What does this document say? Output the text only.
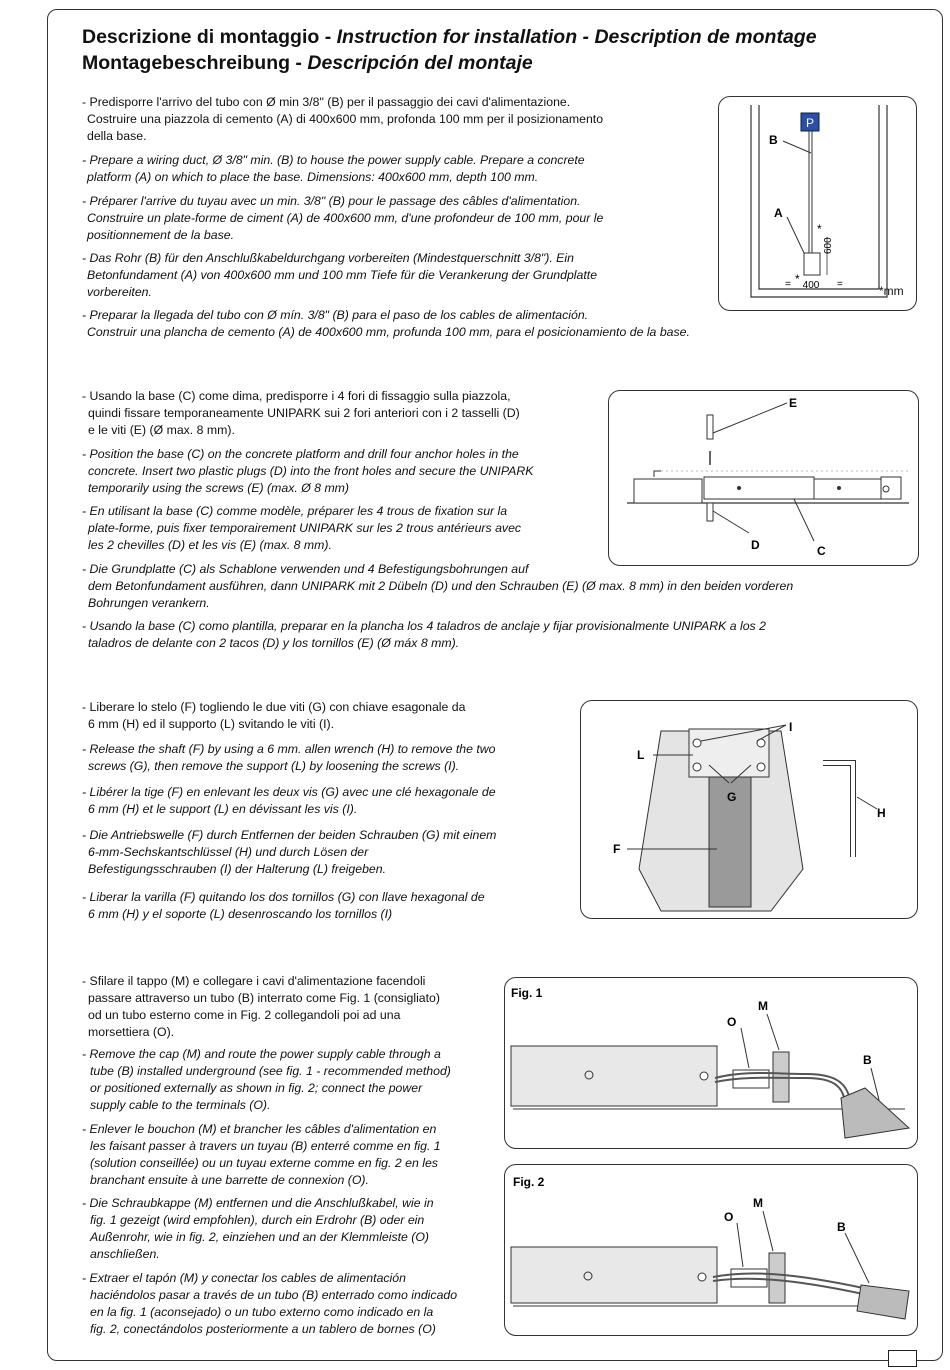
Descrizione di montaggio - Instruction for installation - Description de montage
Montagebeschreibung - Descripción del montaje
- Predisporre l'arrivo del tubo con Ø min 3/8" (B) per il passaggio dei cavi d'alimentazione.
Costruire una piazzola di cemento (A) di 400x600 mm, profonda 100 mm per il posizionamento
della base.
- Prepare a wiring duct, Ø 3/8" min. (B) to house the power supply cable. Prepare a concrete
platform (A) on which to place the base. Dimensions: 400x600 mm, depth 100 mm.
- Préparer l'arrive du tuyau avec un min. 3/8" (B) pour le passage des câbles d'alimentation.
Construire un plate-forme de ciment (A) de 400x600 mm, d'une profondeur de 100 mm, pour le
positionnement de la base.
- Das Rohr (B) für den Anschlußkabeldurchgang vorbereiten (Mindestquerschnitt 3/8"). Ein
Betonfundament (A) von 400x600 mm und 100 mm Tiefe für die Verankerung der Grundplatte
vorbereiten.
- Preparar la llegada del tubo con Ø mín. 3/8" (B) para el paso de los cables de alimentación.
Construir una plancha de cemento (A) de 400x600 mm, profunda 100 mm, para el posicionamiento de la base.
P
B
A
600
*
* 400
=	=	*mm
- Usando la base (C) come dima, predisporre i 4 fori di fissaggio sulla piazzola,
quindi fissare temporaneamente UNIPARK sui 2 fori anteriori con i 2 tasselli (D)
e le viti (E) (Ø max. 8 mm).
- Position the base (C) on the concrete platform and drill four anchor holes in the
concrete. Insert two plastic plugs (D) into the front holes and secure the UNIPARK
temporarily using the screws (E) (max. Ø 8 mm)
- En utilisant la base (C) comme modèle, préparer les 4 trous de fixation sur la
plate-forme, puis fixer temporairement UNIPARK sur les 2 trous antérieurs avec
les 2 chevilles (D) et les vis (E) (max. 8 mm).
- Die Grundplatte (C) als Schablone verwenden und 4 Befestigungsbohrungen auf
dem Betonfundament ausführen, dann UNIPARK mit 2 Dübeln (D) und den Schrauben (E) (Ø max. 8 mm) in den beiden vorderen
Bohrungen verankern.
- Usando la base (C) como plantilla, preparar en la plancha los 4 taladros de anclaje y fijar provisionalmente UNIPARK a los 2
taladros de delante con 2 tacos (D) y los tornillos (E) (Ø máx 8 mm).
E
D	C
- Liberare lo stelo (F) togliendo le due viti (G) con chiave esagonale da
6 mm (H) ed il supporto (L) svitando le viti (I).
- Release the shaft (F) by using a 6 mm. allen wrench (H) to remove the two
screws (G), then remove the support (L) by loosening the screws (I).
- Libérer la tige (F) en enlevant les deux vis (G) avec une clé hexagonale de
6 mm (H) et le support (L) en dévissant les vis (I).
- Die Antriebswelle (F) durch Entfernen der beiden Schrauben (G) mit einem
6-mm-Sechskantschlüssel (H) und durch Lösen der
Befestigungsschrauben (I) der Halterung (L) freigeben.
- Liberar la varilla (F) quitando los dos tornillos (G) con llave hexagonal de
6 mm (H) y el soporte (L) desenroscando los tornillos (I)
I
L
G
H
F
- Sfilare il tappo (M) e collegare i cavi d'alimentazione facendoli
passare attraverso un tubo (B) interrato come Fig. 1 (consigliato)
od un tubo esterno come in Fig. 2 collegandoli poi ad una
morsettiera (O).
- Remove the cap (M) and route the power supply cable through a
tube (B) installed underground (see fig. 1 - recommended method)
or positioned externally as shown in fig. 2; connect the power
supply cable to the terminals (O).
- Enlever le bouchon (M) et brancher les câbles d'alimentation en
les faisant passer à travers un tuyau (B) enterré comme en fig. 1
(solution conseillée) ou un tuyau externe comme en fig. 2 en les
branchant ensuite à une barrette de connexion (O).
- Die Schraubkappe (M) entfernen und die Anschlußkabel, wie in
fig. 1 gezeigt (wird empfohlen), durch ein Erdrohr (B) oder ein
Außenrohr, wie in fig. 2, einziehen und an der Klemmleiste (O)
anschließen.
- Extraer el tapón (M) y conectar los cables de alimentación
haciéndolos pasar a través de un tubo (B) enterrado como indicado
en la fig. 1 (aconsejado) o un tubo externo como indicado en la
fig. 2, conectándolos posteriormente a un tablero de bornes (O)
Fig. 1
O
M
B
Fig. 2
O
M
B
